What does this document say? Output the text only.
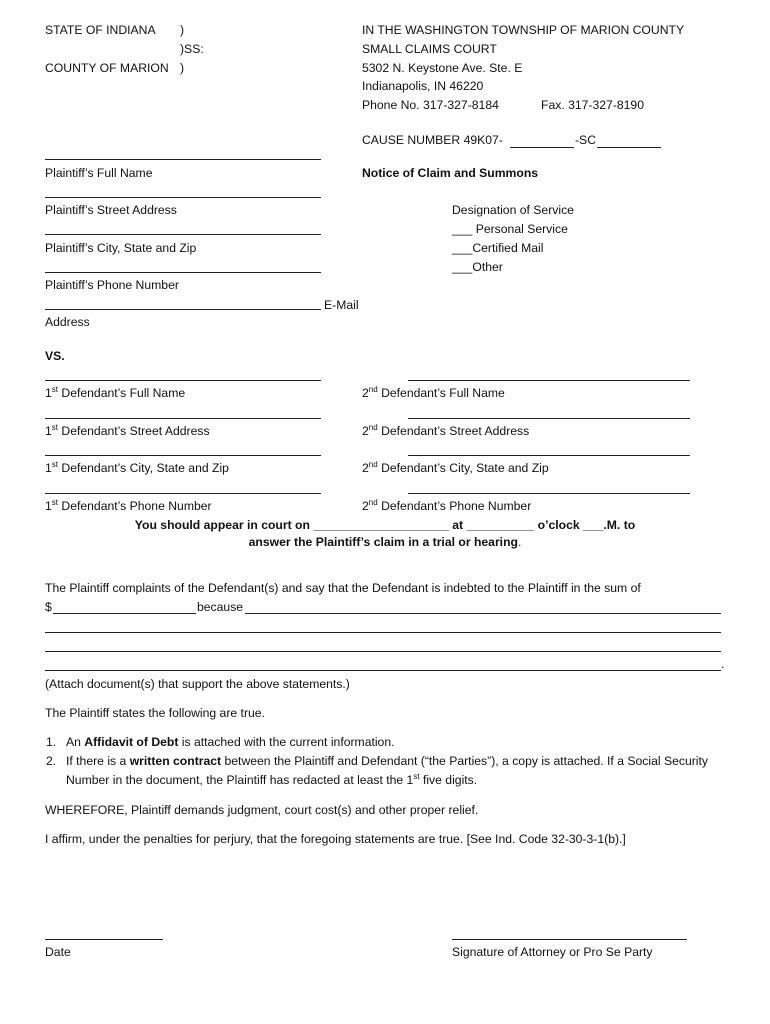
STATE OF INDIANA )
)SS:
COUNTY OF MARION )
IN THE WASHINGTON TOWNSHIP OF MARION COUNTY
SMALL CLAIMS COURT
5302 N. Keystone Ave. Ste. E
Indianapolis, IN 46220
Phone No. 317-327-8184	Fax. 317-327-8190
CAUSE NUMBER 49K07-	-SC
Plaintiff’s Full Name	Notice of Claim and Summons
Plaintiff’s Street Address	Designation of Service
___ Personal Service
Plaintiff’s City, State and Zip	___Certified Mail
___Other
Plaintiff’s Phone Number
E-Mail
Address
VS.
1st Defendant’s Full Name	2nd Defendant’s Full Name
1st Defendant’s Street Address	2nd Defendant’s Street Address
1st Defendant’s City, State and Zip	2nd Defendant’s City, State and Zip
1st Defendant’s Phone Number	2nd Defendant’s Phone Number
You should appear in court on ____________________ at __________ o’clock ___.M. to
answer the Plaintiff’s claim in a trial or hearing.
The Plaintiff complaints of the Defendant(s) and say that the Defendant is indebted to the Plaintiff in the sum of
$	because
.
(Attach document(s) that support the above statements.)
The Plaintiff states the following are true.
1. An Affidavit of Debt is attached with the current information.
2. If there is a written contract between the Plaintiff and Defendant (“the Parties”), a copy is attached. If a Social Security Number in the document, the Plaintiff has redacted at least the 1st five digits.
WHEREFORE, Plaintiff demands judgment, court cost(s) and other proper relief.
I affirm, under the penalties for perjury, that the foregoing statements are true. [See Ind. Code 32-30-3-1(b).]
Date	Signature of Attorney or Pro Se Party
